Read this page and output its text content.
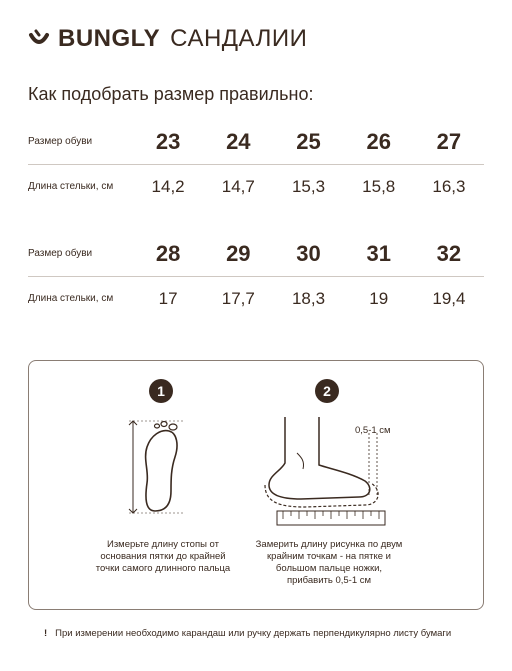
BUNGLY САНДАЛИИ
Как подобрать размер правильно:
Размер обуви	23	24	25	26	27
Длина стельки, см	14,2	14,7	15,3	15,8	16,3
Размер обуви	28	29	30	31	32
Длина стельки, см	17	17,7	18,3	19	19,4
1	2
0,5-1 см
Измерьте длину стопы от основания пятки до крайней точки самого длинного пальца
Замерить длину рисунка по двум крайним точкам - на пятке и большом пальце ножки, прибавить 0,5-1 см
! При измерении необходимо карандаш или ручку держать перпендикулярно листу бумаги
